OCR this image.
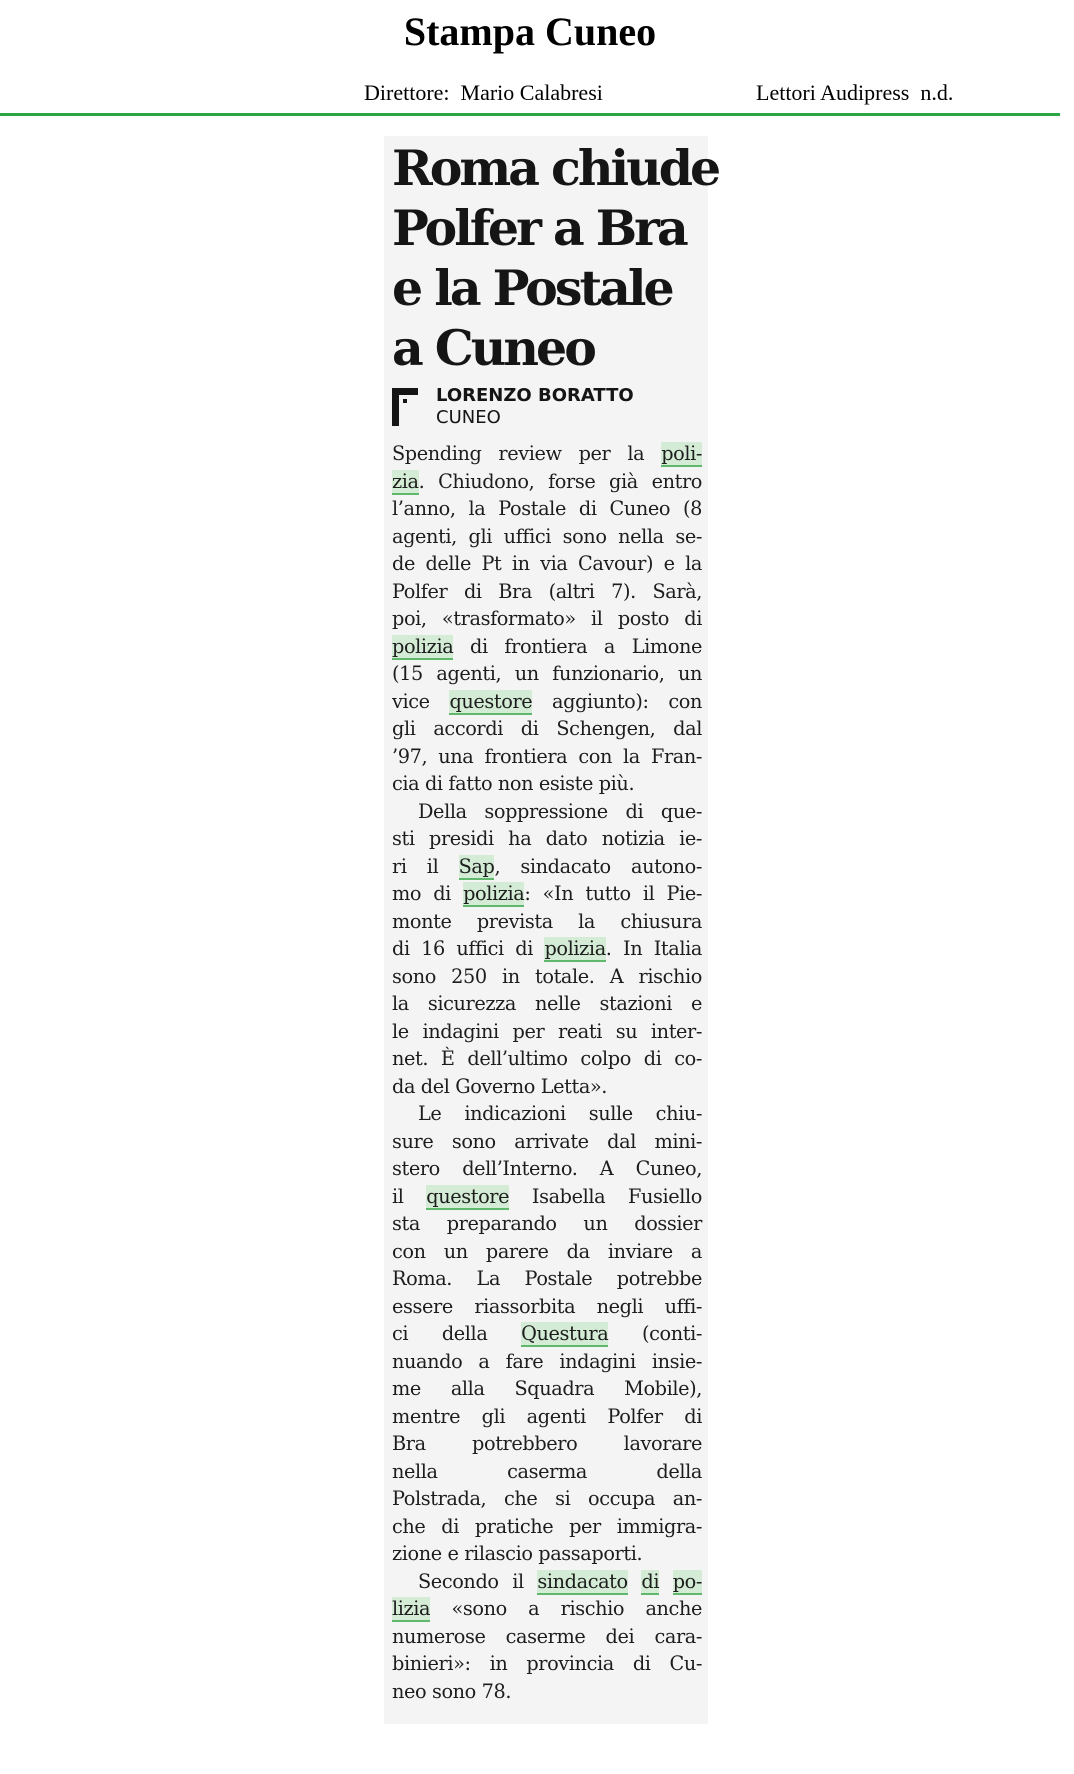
Stampa Cuneo
Direttore:  Mario Calabresi	Lettori Audipress  n.d.
Roma chiude
Polfer a Bra
e la Postale
a Cuneo
LORENZO BORATTO
CUNEO
Spending review per la poli-
zia. Chiudono, forse già entro
l’anno, la Postale di Cuneo (8
agenti, gli uffici sono nella se-
de delle Pt in via Cavour) e la
Polfer di Bra (altri 7). Sarà,
poi, «trasformato» il posto di
polizia di frontiera a Limone
(15 agenti, un funzionario, un
vice questore aggiunto): con
gli accordi di Schengen, dal
’97, una frontiera con la Fran-
cia di fatto non esiste più.
Della soppressione di que-
sti presidi ha dato notizia ie-
ri il Sap, sindacato autono-
mo di polizia: «In tutto il Pie-
monte prevista la chiusura
di 16 uffici di polizia. In Italia
sono 250 in totale. A rischio
la sicurezza nelle stazioni e
le indagini per reati su inter-
net. È dell’ultimo colpo di co-
da del Governo Letta».
Le indicazioni sulle chiu-
sure sono arrivate dal mini-
stero dell’Interno. A Cuneo,
il questore Isabella Fusiello
sta preparando un dossier
con un parere da inviare a
Roma. La Postale potrebbe
essere riassorbita negli uffi-
ci della Questura (conti-
nuando a fare indagini insie-
me alla Squadra Mobile),
mentre gli agenti Polfer di
Bra potrebbero lavorare
nella caserma della
Polstrada, che si occupa an-
che di pratiche per immigra-
zione e rilascio passaporti.
Secondo il sindacato di po-
lizia «sono a rischio anche
numerose caserme dei cara-
binieri»: in provincia di Cu-
neo sono 78.
